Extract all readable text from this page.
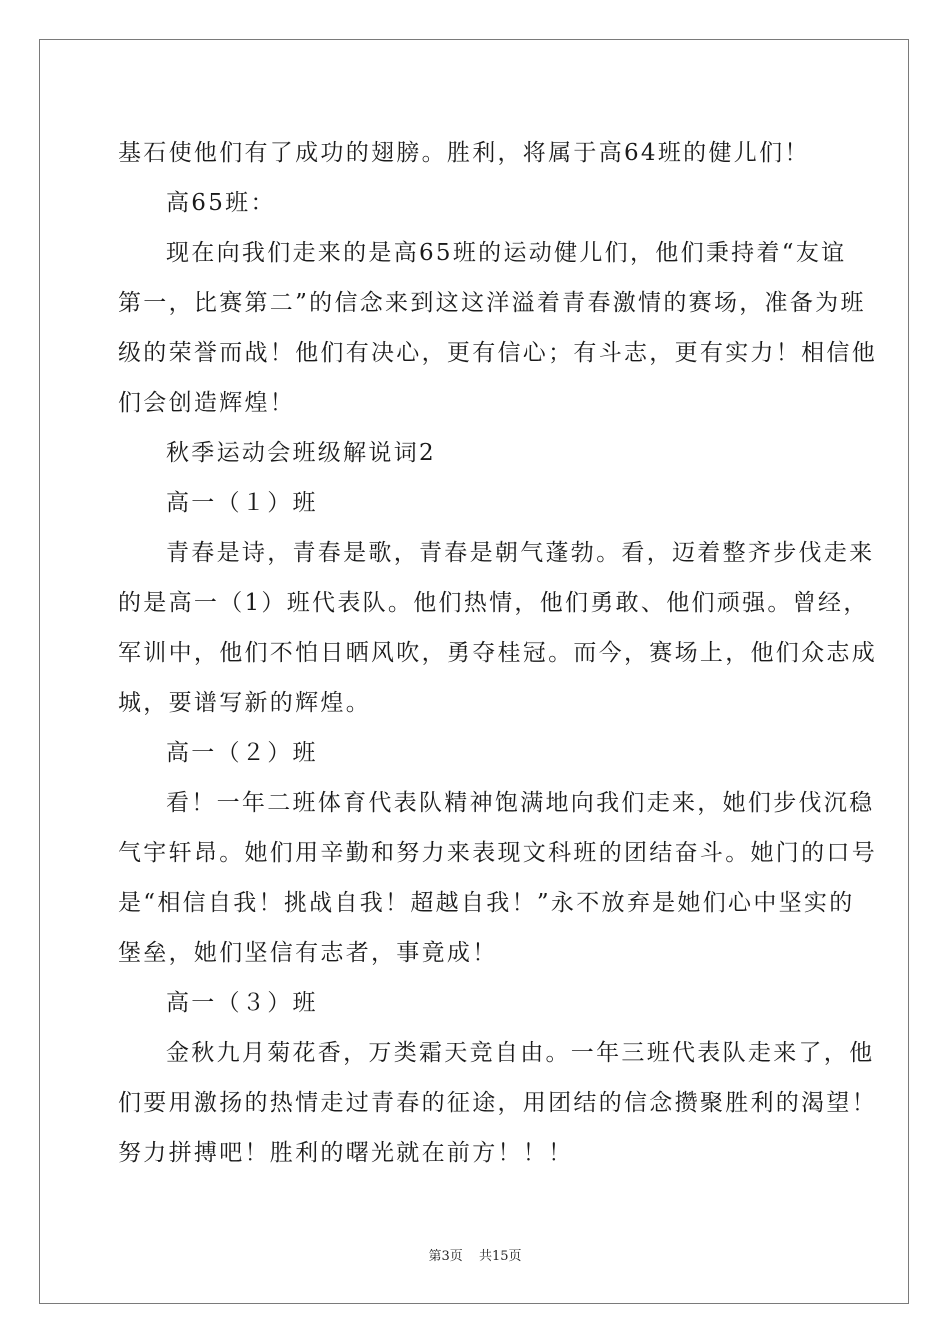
基石使他们有了成功的翅膀。胜利，将属于高64班的健儿们！
高65班：
现在向我们走来的是高65班的运动健儿们，他们秉持着“友谊
第一，比赛第二”的信念来到这这洋溢着青春激情的赛场，准备为班
级的荣誉而战！他们有决心，更有信心；有斗志，更有实力！相信他
们会创造辉煌！
秋季运动会班级解说词2
高一（１）班
青春是诗，青春是歌，青春是朝气蓬勃。看，迈着整齐步伐走来
的是高一（1）班代表队。他们热情，他们勇敢、他们顽强。曾经，
军训中，他们不怕日晒风吹，勇夺桂冠。而今，赛场上，他们众志成
城，要谱写新的辉煌。
高一（２）班
看！一年二班体育代表队精神饱满地向我们走来，她们步伐沉稳
气宇轩昂。她们用辛勤和努力来表现文科班的团结奋斗。她门的口号
是“相信自我！挑战自我！超越自我！”永不放弃是她们心中坚实的
堡垒，她们坚信有志者，事竟成！
高一（３）班
金秋九月菊花香，万类霜天竞自由。一年三班代表队走来了，他
们要用激扬的热情走过青春的征途，用团结的信念攒聚胜利的渴望！
努力拼搏吧！胜利的曙光就在前方！！！
第3页 共15页
